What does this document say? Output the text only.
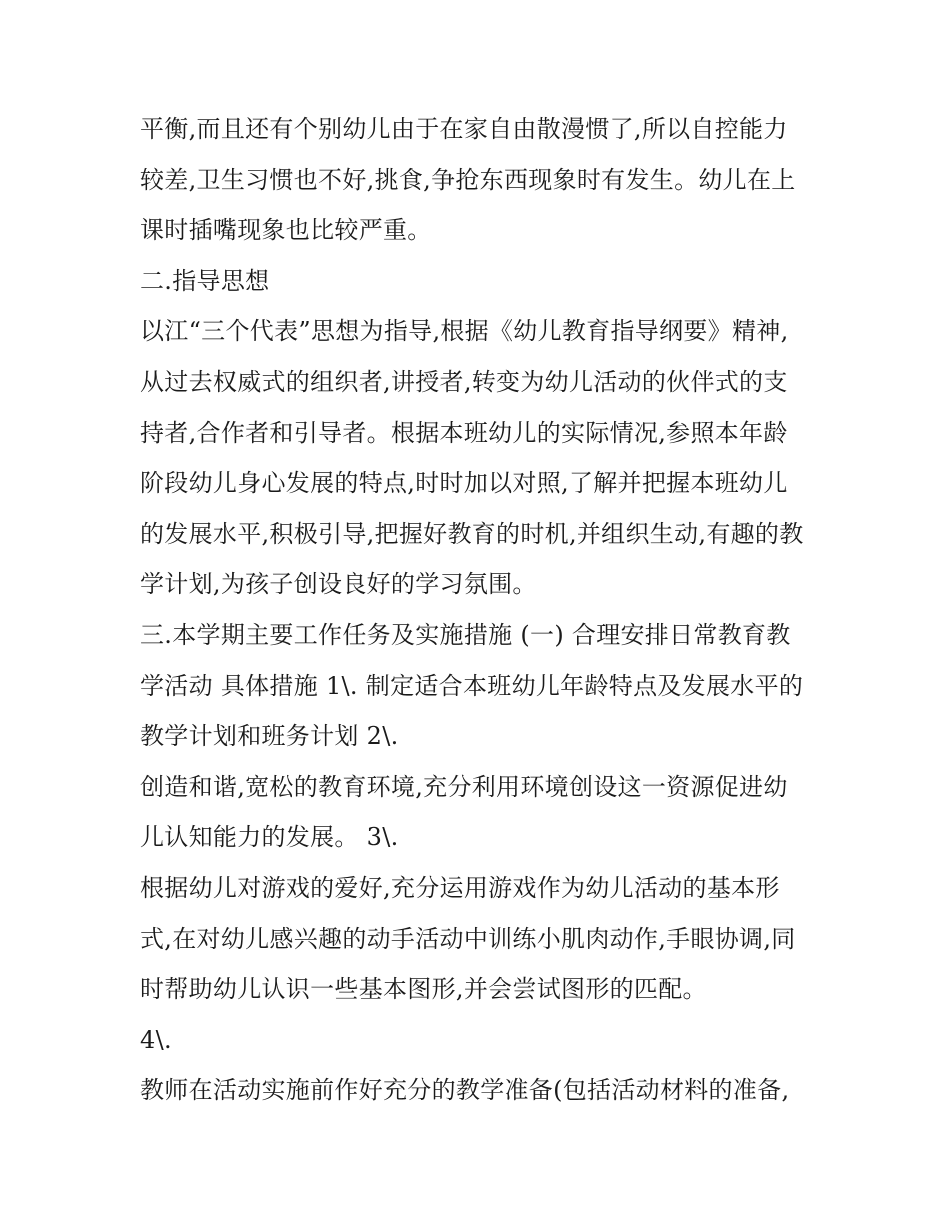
平衡,而且还有个别幼儿由于在家自由散漫惯了,所以自控能力
较差,卫生习惯也不好,挑食,争抢东西现象时有发生。幼儿在上
课时插嘴现象也比较严重。
二.指导思想
以江“三个代表”思想为指导,根据《幼儿教育指导纲要》精神,
从过去权威式的组织者,讲授者,转变为幼儿活动的伙伴式的支
持者,合作者和引导者。根据本班幼儿的实际情况,参照本年龄
阶段幼儿身心发展的特点,时时加以对照,了解并把握本班幼儿
的发展水平,积极引导,把握好教育的时机,并组织生动,有趣的教
学计划,为孩子创设良好的学习氛围。
三.本学期主要工作任务及实施措施 (一) 合理安排日常教育教
学活动 具体措施 1\. 制定适合本班幼儿年龄特点及发展水平的
教学计划和班务计划 2\.
创造和谐,宽松的教育环境,充分利用环境创设这一资源促进幼
儿认知能力的发展。 3\.
根据幼儿对游戏的爱好,充分运用游戏作为幼儿活动的基本形
式,在对幼儿感兴趣的动手活动中训练小肌肉动作,手眼协调,同
时帮助幼儿认识一些基本图形,并会尝试图形的匹配。
4\.
教师在活动实施前作好充分的教学准备(包括活动材料的准备,
